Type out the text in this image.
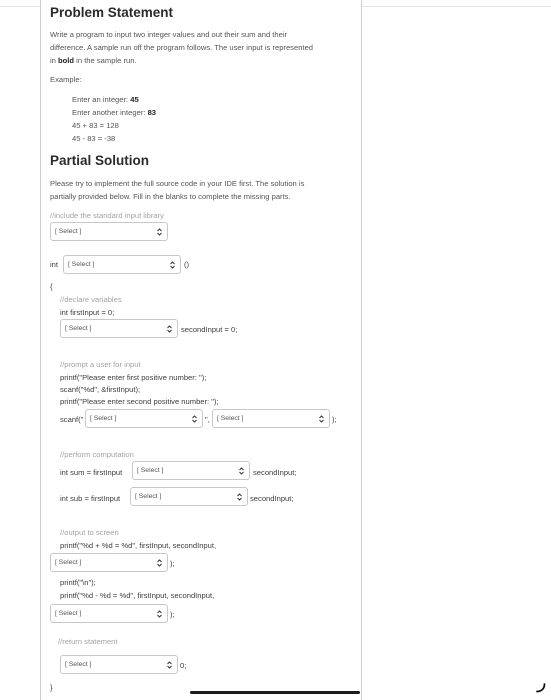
Problem Statement
Write a program to input two integer values and out their sum and their
difference. A sample run off the program follows. The user input is represented
in bold in the sample run.
Example:
Enter an integer: 45
Enter another integer: 83
45 + 83 = 128
45 - 83 = -38
Partial Solution
Please try to implement the full source code in your IDE first. The solution is
partially provided below. Fill in the blanks to complete the missing parts.
//include the standard input library
[ Select ]
int	[ Select ]	()
{
//declare variables
int firstInput = 0;
[ Select ]	secondInput = 0;
//prompt a user for input
printf("Please enter first positive number: ");
scanf("%d", &firstInput);
printf("Please enter second positive number: ");
scanf(" [ Select ]	",	[ Select ]	);
//perform computation
int sum = firstInput	[ Select ]	secondInput;
int sub = firstInput	[ Select ]	secondInput;
//output to screen
printf("%d + %d = %d", firstInput, secondInput,
[ Select ]	);
printf("\n");
printf("%d - %d = %d", firstInput, secondInput,
[ Select ]	);
//return statement
[ Select ]	0;
}
